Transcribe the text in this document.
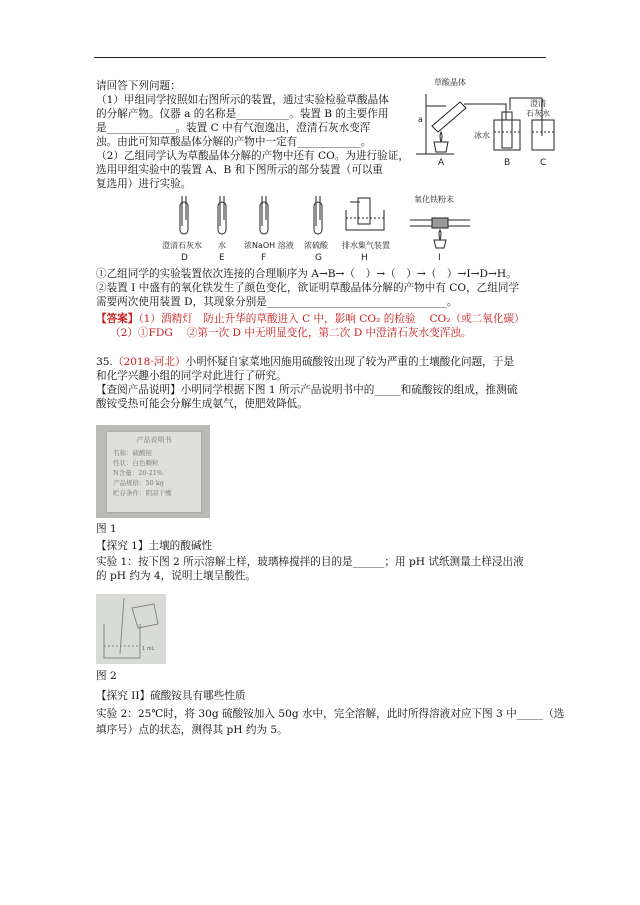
请回答下列问题：
（1）甲组同学按照如右图所示的装置，通过实验检验草酸晶体
的分解产物。仪器 a 的名称是__________。装置 B 的主要作用
是_____________。装置 C 中有气泡逸出，澄清石灰水变浑
浊。由此可知草酸晶体分解的产物中一定有____________。
（2）乙组同学认为草酸晶体分解的产物中还有 CO。为进行验证，
选用甲组实验中的装置 A、B 和下图所示的部分装置（可以重
复选用）进行实验。
草酸晶体
a
冰水
澄清
石灰水
A	B	C
氧化铁粉末
澄清石灰水 水 浓NaOH 溶液 浓硫酸 排水集气装置
D	E	F	G	H	I
①乙组同学的实验装置依次连接的合理顺序为 A→B→（　）→（　）→（　）→I→D→H。
②装置 I 中盛有的氧化铁发生了颜色变化，欲证明草酸晶体分解的产物中有 CO，乙组同学
需要两次使用装置 D，其现象分别是__________________________________。
【答案】（1）酒精灯　防止升华的草酸进入 C 中，影响 CO₂ 的检验　 CO₂（或二氧化碳）
（2）①FDG　 ②第一次 D 中无明显变化，第二次 D 中澄清石灰水变浑浊。
35.（2018·河北）小明怀疑自家菜地因施用硫酸铵出现了较为严重的土壤酸化问题，于是
和化学兴趣小组的同学对此进行了研究。
【查阅产品说明】小明同学根据下图 1 所示产品说明书中的_____和硫酸铵的组成，推测硫
酸铵受热可能会分解生成氨气，使肥效降低。
产品说明书
名称：硫酸铵
性状：白色颗粒
N含量：20-21%
产品规格：50 kg
贮存条件：阴凉干燥
图 1
【探究 1】土壤的酸碱性
实验 1：按下图 2 所示溶解土样，玻璃棒搅拌的目的是______；用 pH 试纸测量土样浸出液
的 pH 约为 4，说明土壤呈酸性。
1 mL
图 2
【探究 II】硫酸铵具有哪些性质
实验 2：25℃时，将 30g 硫酸铵加入 50g 水中，完全溶解，此时所得溶液对应下图 3 中_____（选
填序号）点的状态，测得其 pH 约为 5。
